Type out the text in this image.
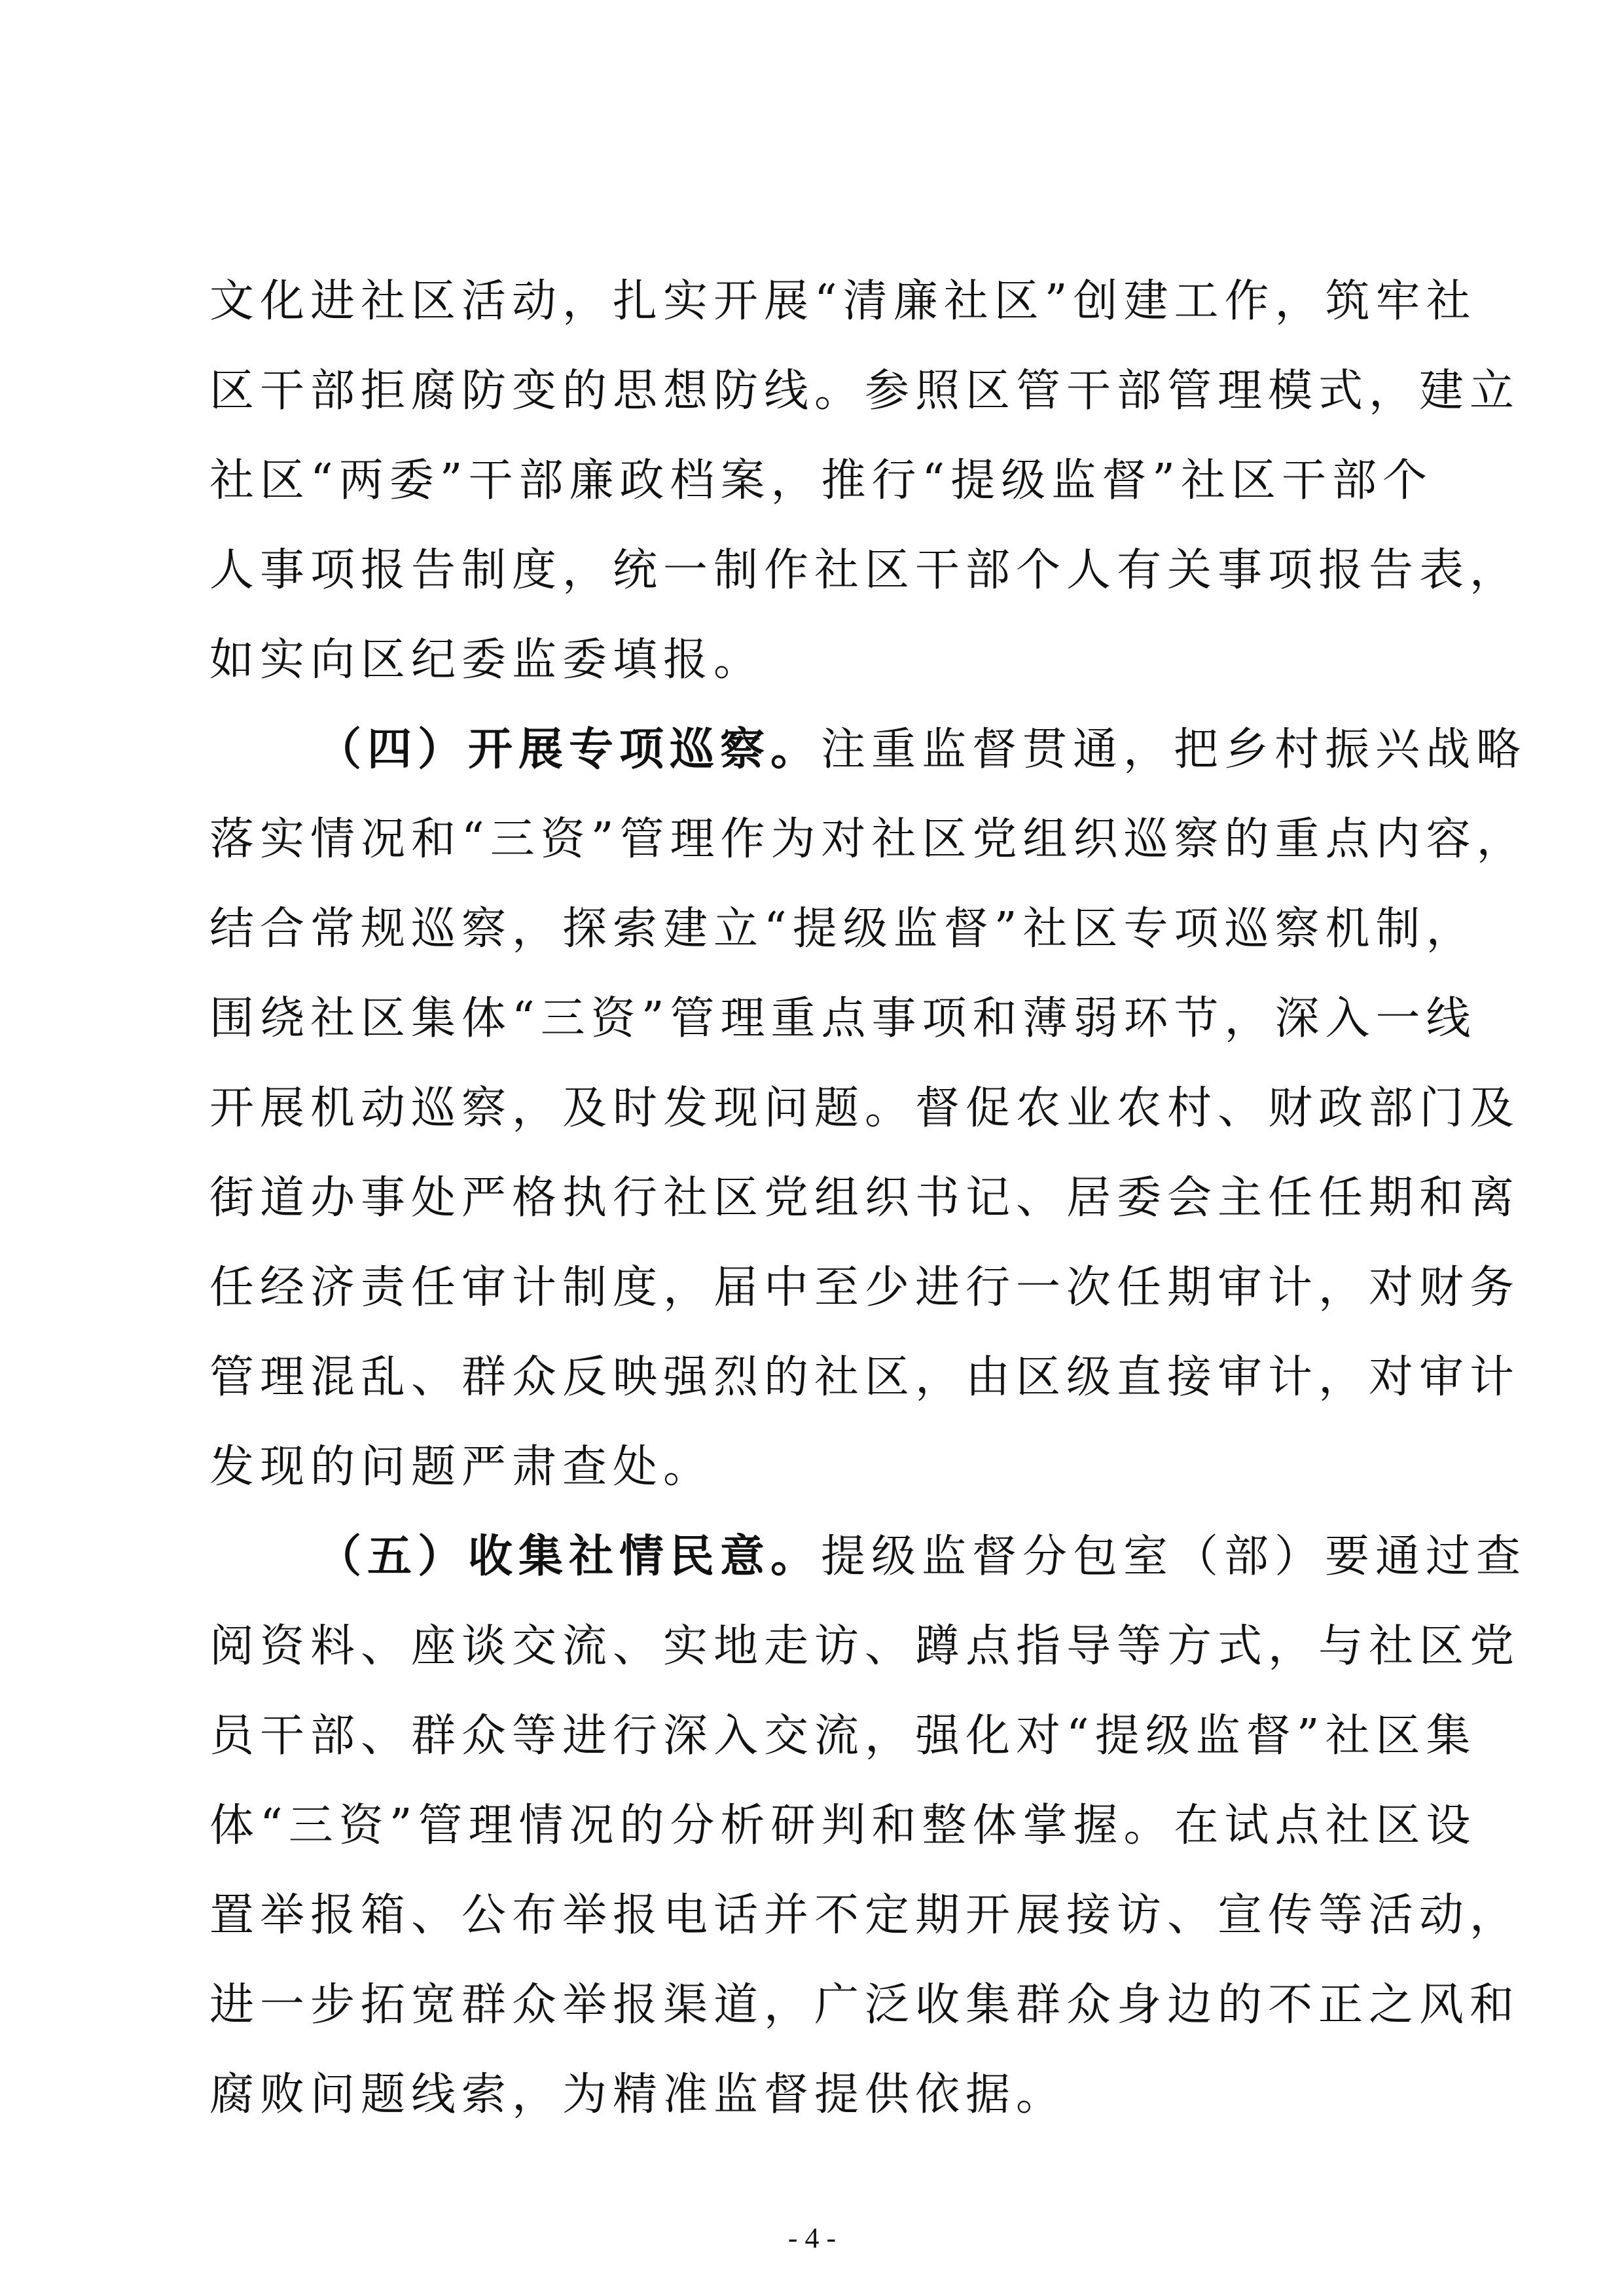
文化进社区活动，扎实开展“清廉社区”创建工作，筑牢社
区干部拒腐防变的思想防线。参照区管干部管理模式，建立
社区“两委”干部廉政档案，推行“提级监督”社区干部个
人事项报告制度，统一制作社区干部个人有关事项报告表，
如实向区纪委监委填报。
（四）开展专项巡察。注重监督贯通，把乡村振兴战略
落实情况和“三资”管理作为对社区党组织巡察的重点内容，
结合常规巡察，探索建立“提级监督”社区专项巡察机制，
围绕社区集体“三资”管理重点事项和薄弱环节，深入一线
开展机动巡察，及时发现问题。督促农业农村、财政部门及
街道办事处严格执行社区党组织书记、居委会主任任期和离
任经济责任审计制度，届中至少进行一次任期审计，对财务
管理混乱、群众反映强烈的社区，由区级直接审计，对审计
发现的问题严肃查处。
（五）收集社情民意。提级监督分包室（部）要通过查
阅资料、座谈交流、实地走访、蹲点指导等方式，与社区党
员干部、群众等进行深入交流，强化对“提级监督”社区集
体“三资”管理情况的分析研判和整体掌握。在试点社区设
置举报箱、公布举报电话并不定期开展接访、宣传等活动，
进一步拓宽群众举报渠道，广泛收集群众身边的不正之风和
腐败问题线索，为精准监督提供依据。
- 4 -
